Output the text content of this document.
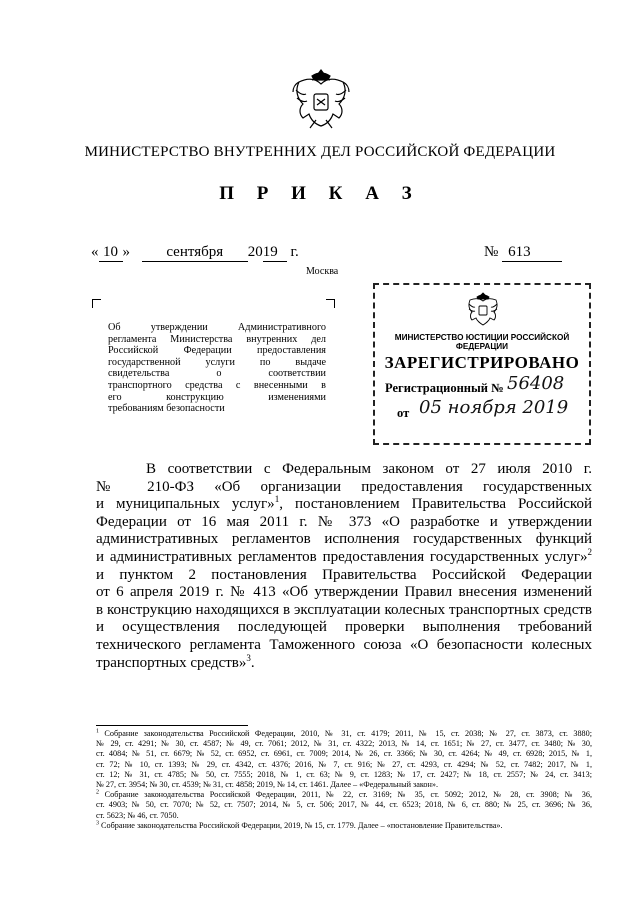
МИНИСТЕРСТВО ВНУТРЕННИХ ДЕЛ РОССИЙСКОЙ ФЕДЕРАЦИИ
П Р И К А З
« 10 » сентября 2019 г.	№ 613
Москва
Об утверждении Административного
регламента Министерства внутренних дел
Российской Федерации предоставления
государственной услуги по выдаче
свидетельства о соответствии
транспортного средства с внесенными в
его конструкцию изменениями
требованиям безопасности
МИНИСТЕРСТВО ЮСТИЦИИ РОССИЙСКОЙ ФЕДЕРАЦИИ
ЗАРЕГИСТРИРОВАНО
Регистрационный № 56408
от 05 ноября 2019
В соответствии с Федеральным законом от 27 июля 2010 г.
№ 210-ФЗ «Об организации предоставления государственных
и муниципальных услуг»$^1$, постановлением Правительства Российской
Федерации от 16 мая 2011 г. № 373 «О разработке и утверждении
административных регламентов исполнения государственных функций
и административных регламентов предоставления государственных услуг»$^2$
и пунктом 2 постановления Правительства Российской Федерации
от 6 апреля 2019 г. № 413 «Об утверждении Правил внесения изменений
в конструкцию находящихся в эксплуатации колесных транспортных средств
и осуществления последующей проверки выполнения требований
технического регламента Таможенного союза «О безопасности колесных
транспортных средств»$^3$.
$^1$ Собрание законодательства Российской Федерации, 2010, № 31, ст. 4179; 2011, № 15, ст. 2038; № 27, ст. 3873, ст. 3880;
№ 29, ст. 4291; № 30, ст. 4587; № 49, ст. 7061; 2012, № 31, ст. 4322; 2013, № 14, ст. 1651; № 27, ст. 3477, ст. 3480; № 30,
ст. 4084; № 51, ст. 6679; № 52, ст. 6952, ст. 6961, ст. 7009; 2014, № 26, ст. 3366; № 30, ст. 4264; № 49, ст. 6928; 2015, № 1,
ст. 72; № 10, ст. 1393; № 29, ст. 4342, ст. 4376; 2016, № 7, ст. 916; № 27, ст. 4293, ст. 4294; № 52, ст. 7482; 2017, № 1,
ст. 12; № 31, ст. 4785; № 50, ст. 7555; 2018, № 1, ст. 63; № 9, ст. 1283; № 17, ст. 2427; № 18, ст. 2557; № 24, ст. 3413;
№ 27, ст. 3954; № 30, ст. 4539; № 31, ст. 4858; 2019, № 14, ст. 1461. Далее – «Федеральный закон».
$^2$ Собрание законодательства Российской Федерации, 2011, № 22, ст. 3169; № 35, ст. 5092; 2012, № 28, ст. 3908; № 36,
ст. 4903; № 50, ст. 7070; № 52, ст. 7507; 2014, № 5, ст. 506; 2017, № 44, ст. 6523; 2018, № 6, ст. 880; № 25, ст. 3696; № 36,
ст. 5623; № 46, ст. 7050.
$^3$ Собрание законодательства Российской Федерации, 2019, № 15, ст. 1779. Далее – «постановление Правительства».
